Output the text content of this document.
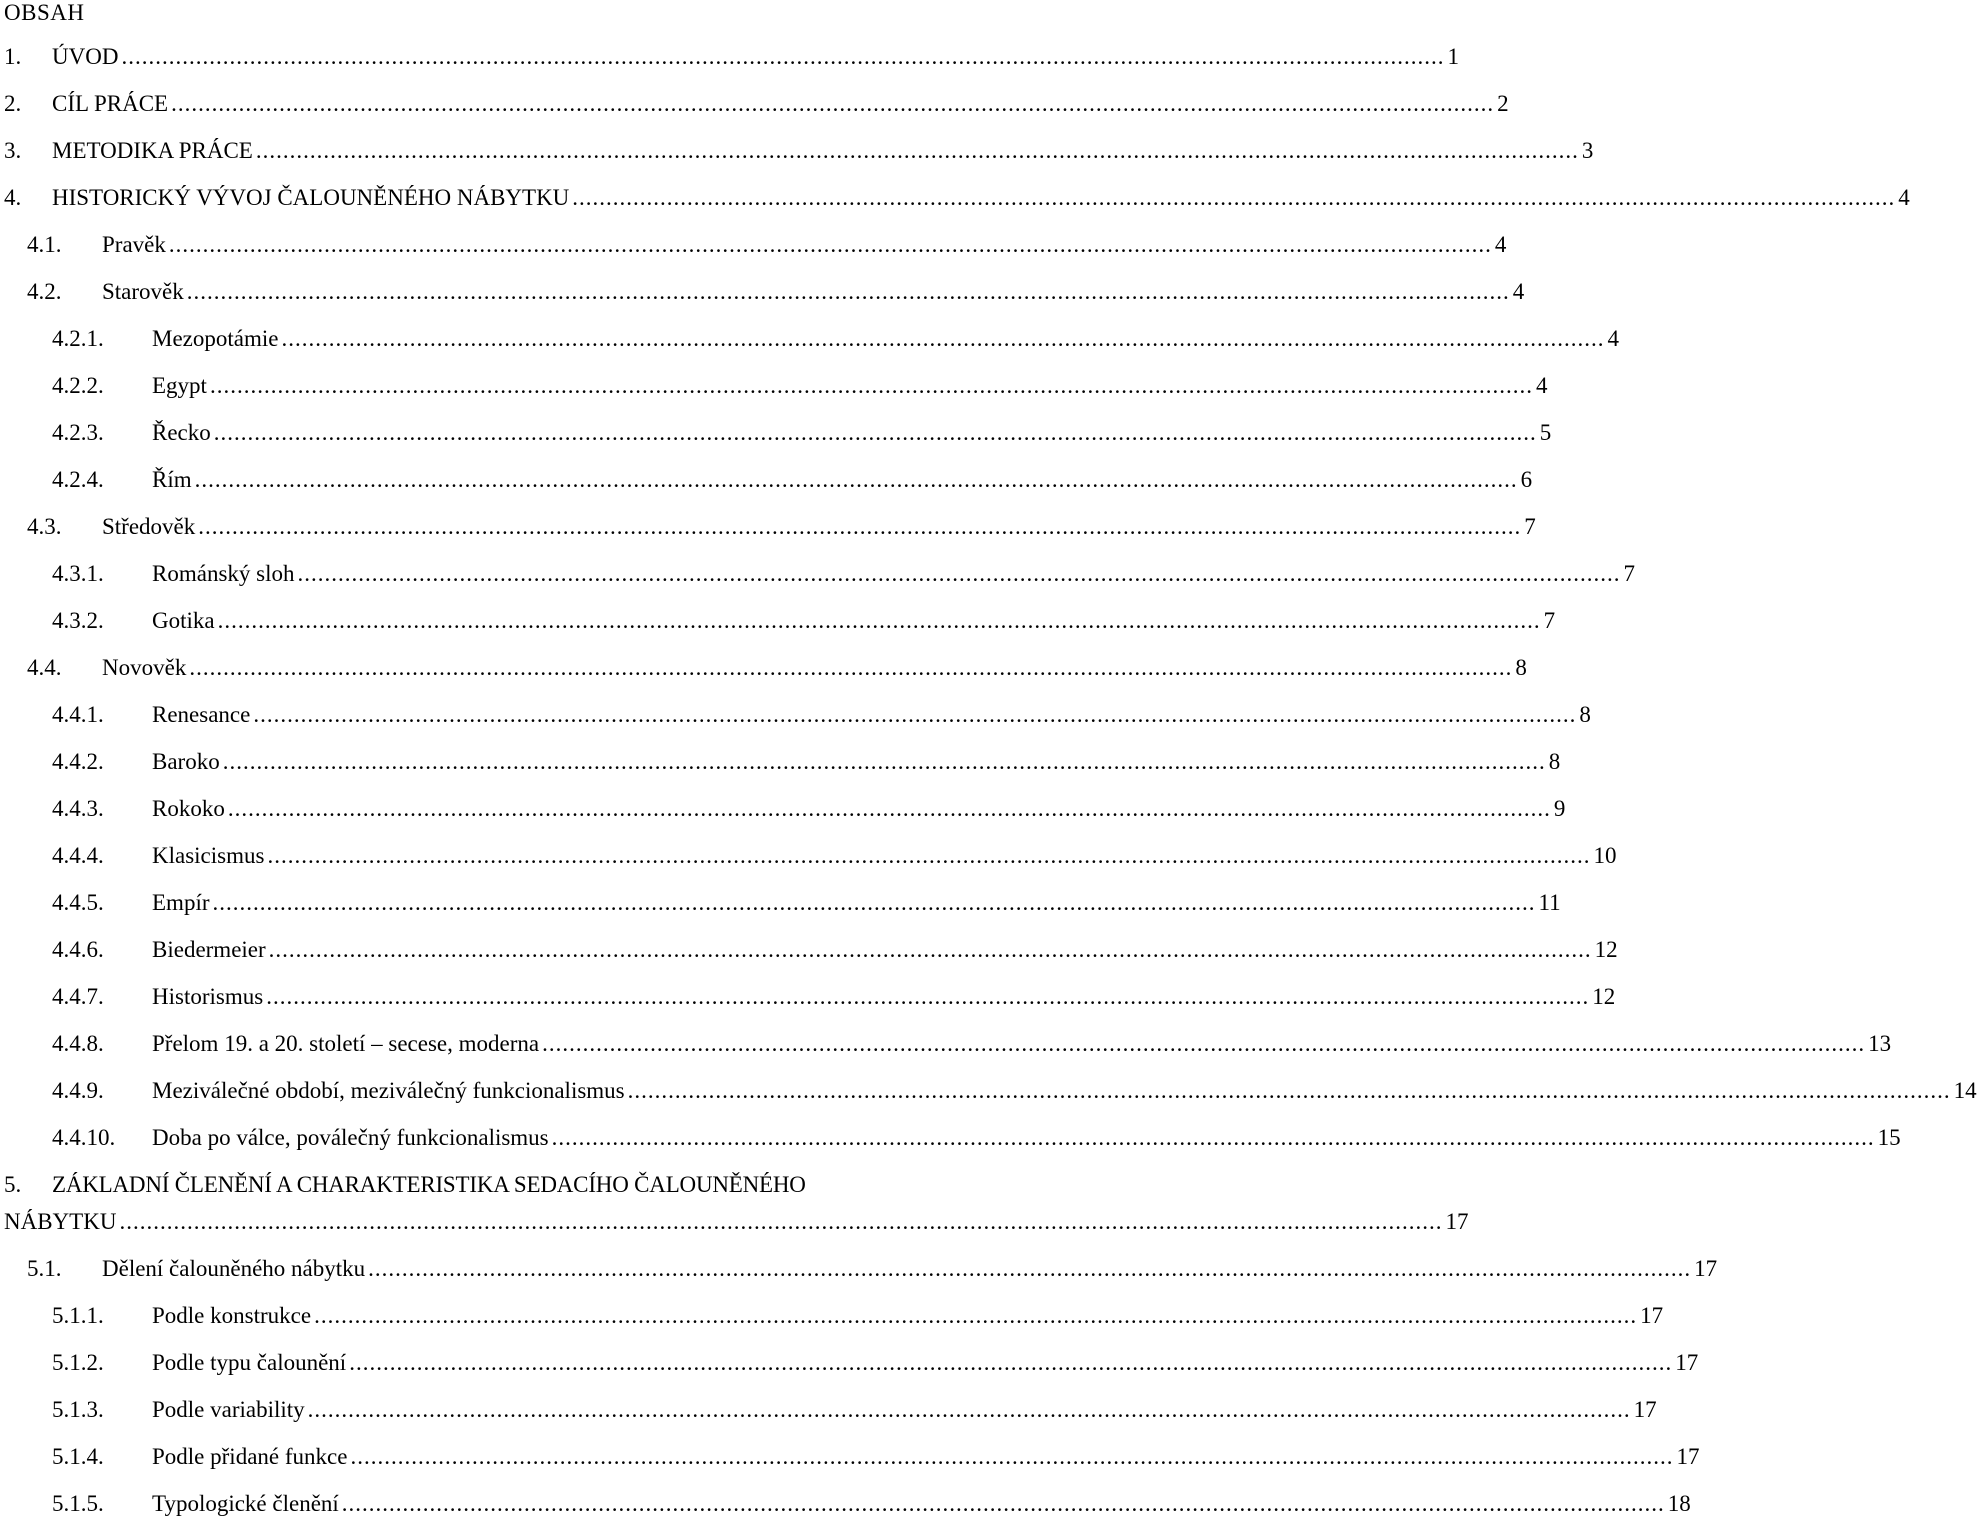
OBSAH
1. ÚVOD .................................................................................................................................................................................................... 1
2. CÍL PRÁCE .................................................................................................................................................................................................... 2
3. METODIKA PRÁCE .................................................................................................................................................................................................... 3
4. HISTORICKÝ VÝVOJ ČALOUNĚNÉHO NÁBYTKU .................................................................................................................................................................................................... 4
4.1. Pravěk .................................................................................................................................................................................................... 4
4.2. Starověk .................................................................................................................................................................................................... 4
4.2.1. Mezopotámie .................................................................................................................................................................................................... 4
4.2.2. Egypt .................................................................................................................................................................................................... 4
4.2.3. Řecko .................................................................................................................................................................................................... 5
4.2.4. Řím .................................................................................................................................................................................................... 6
4.3. Středověk .................................................................................................................................................................................................... 7
4.3.1. Románský sloh .................................................................................................................................................................................................... 7
4.3.2. Gotika .................................................................................................................................................................................................... 7
4.4. Novověk .................................................................................................................................................................................................... 8
4.4.1. Renesance .................................................................................................................................................................................................... 8
4.4.2. Baroko .................................................................................................................................................................................................... 8
4.4.3. Rokoko .................................................................................................................................................................................................... 9
4.4.4. Klasicismus .................................................................................................................................................................................................... 10
4.4.5. Empír .................................................................................................................................................................................................... 11
4.4.6. Biedermeier .................................................................................................................................................................................................... 12
4.4.7. Historismus .................................................................................................................................................................................................... 12
4.4.8. Přelom 19. a 20. století – secese, moderna .................................................................................................................................................................................................... 13
4.4.9. Meziválečné období, meziválečný funkcionalismus .................................................................................................................................................................................................... 14
4.4.10. Doba po válce, poválečný funkcionalismus .................................................................................................................................................................................................... 15
5. ZÁKLADNÍ ČLENĚNÍ A CHARAKTERISTIKA SEDACÍHO ČALOUNĚNÉHO
NÁBYTKU .................................................................................................................................................................................................... 17
5.1. Dělení čalouněného nábytku .................................................................................................................................................................................................... 17
5.1.1. Podle konstrukce .................................................................................................................................................................................................... 17
5.1.2. Podle typu čalounění .................................................................................................................................................................................................... 17
5.1.3. Podle variability .................................................................................................................................................................................................... 17
5.1.4. Podle přidané funkce .................................................................................................................................................................................................... 17
5.1.5. Typologické členění .................................................................................................................................................................................................... 18
